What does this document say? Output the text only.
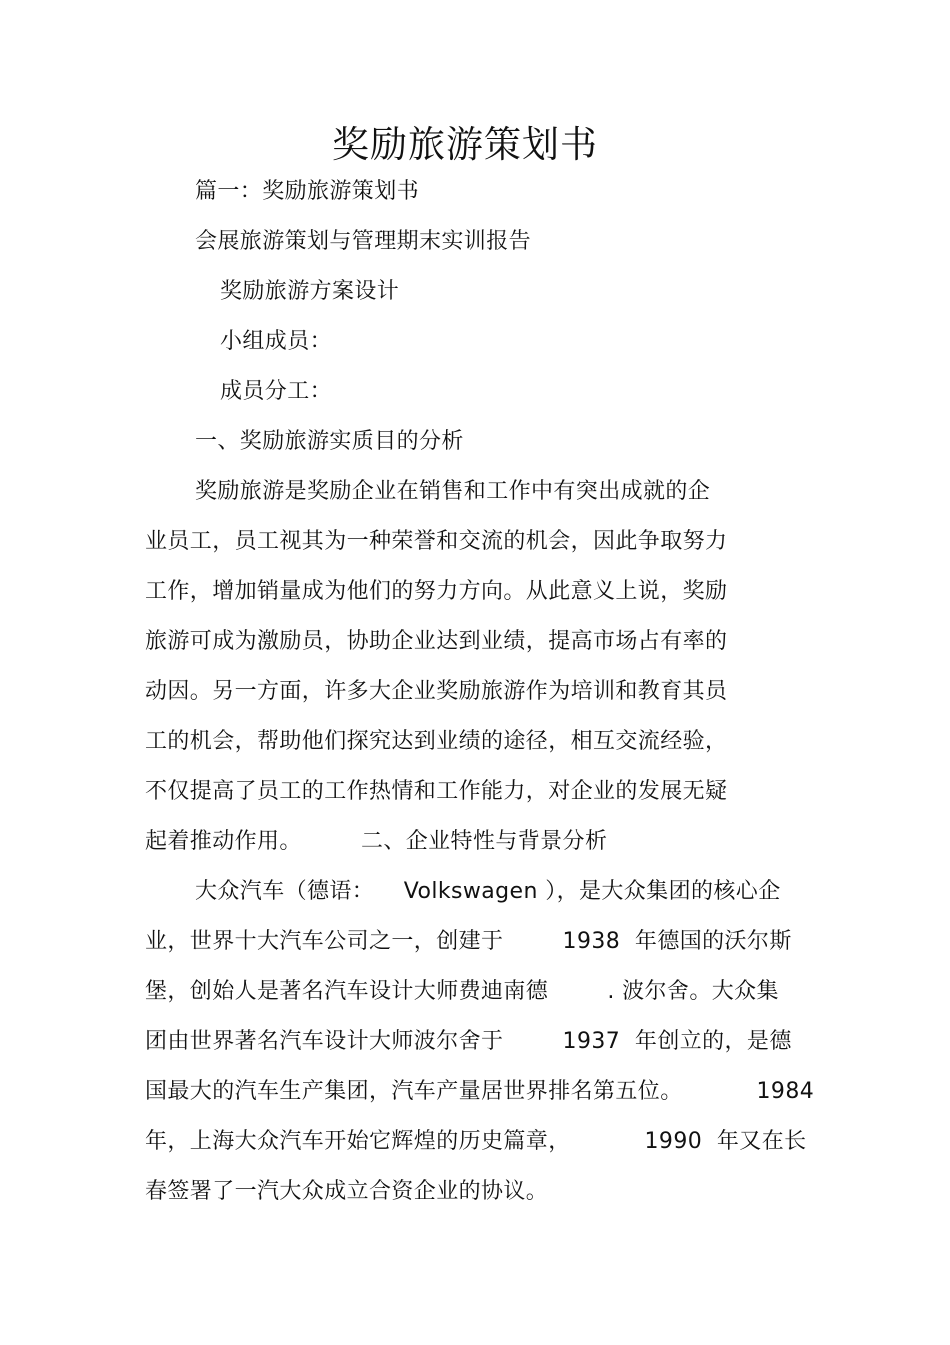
奖励旅游策划书
篇一：奖励旅游策划书
会展旅游策划与管理期末实训报告
奖励旅游方案设计
小组成员：
成员分工：
一、奖励旅游实质目的分析
奖励旅游是奖励企业在销售和工作中有突出成就的企
业员工，员工视其为一种荣誉和交流的机会，因此争取努力
工作，增加销量成为他们的努力方向。从此意义上说，奖励
旅游可成为激励员，协助企业达到业绩，提高市场占有率的
动因。另一方面，许多大企业奖励旅游作为培训和教育其员
工的机会，帮助他们探究达到业绩的途径，相互交流经验，
不仅提高了员工的工作热情和工作能力，对企业的发展无疑
起着推动作用。        二、企业特性与背景分析
大众汽车（德语：    Volkswagen ），是大众集团的核心企
业，世界十大汽车公司之一，创建于        1938  年德国的沃尔斯
堡，创始人是著名汽车设计大师费迪南德        . 波尔舍。大众集
团由世界著名汽车设计大师波尔舍于        1937  年创立的，是德
国最大的汽车生产集团，汽车产量居世界排名第五位。          1984
年，上海大众汽车开始它辉煌的历史篇章，          1990  年又在长
春签署了一汽大众成立合资企业的协议。
